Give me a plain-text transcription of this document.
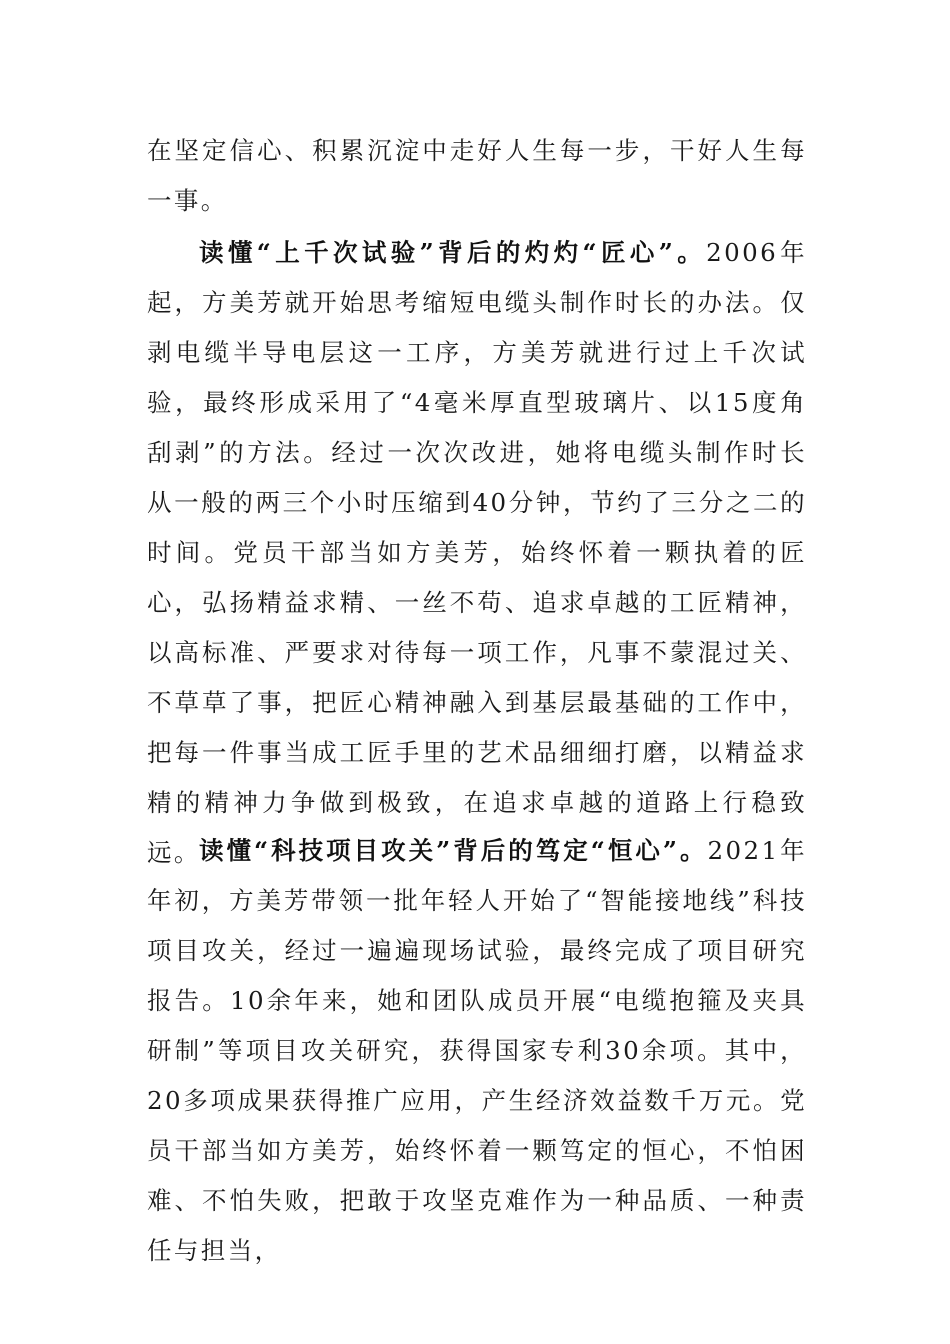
在坚定信心、积累沉淀中走好人生每一步，干好人生每一事。

读懂“上千次试验”背后的灼灼“匠心”。2006年起，方美芳就开始思考缩短电缆头制作时长的办法。仅剥电缆半导电层这一工序，方美芳就进行过上千次试验，最终形成采用了“4毫米厚直型玻璃片、以15度角刮剥”的方法。经过一次次改进，她将电缆头制作时长从一般的两三个小时压缩到40分钟，节约了三分之二的时间。党员干部当如方美芳，始终怀着一颗执着的匠心，弘扬精益求精、一丝不苟、追求卓越的工匠精神，以高标准、严要求对待每一项工作，凡事不蒙混过关、不草草了事，把匠心精神融入到基层最基础的工作中，把每一件事当成工匠手里的艺术品细细打磨，以精益求精的精神力争做到极致，在追求卓越的道路上行稳致远。

读懂“科技项目攻关”背后的笃定“恒心”。2021年年初，方美芳带领一批年轻人开始了“智能接地线”科技项目攻关，经过一遍遍现场试验，最终完成了项目研究报告。10余年来，她和团队成员开展“电缆抱箍及夹具研制”等项目攻关研究，获得国家专利30余项。其中，20多项成果获得推广应用，产生经济效益数千万元。党员干部当如方美芳，始终怀着一颗笃定的恒心，不怕困难、不怕失败，把敢于攻坚克难作为一种品质、一种责任与担当，
